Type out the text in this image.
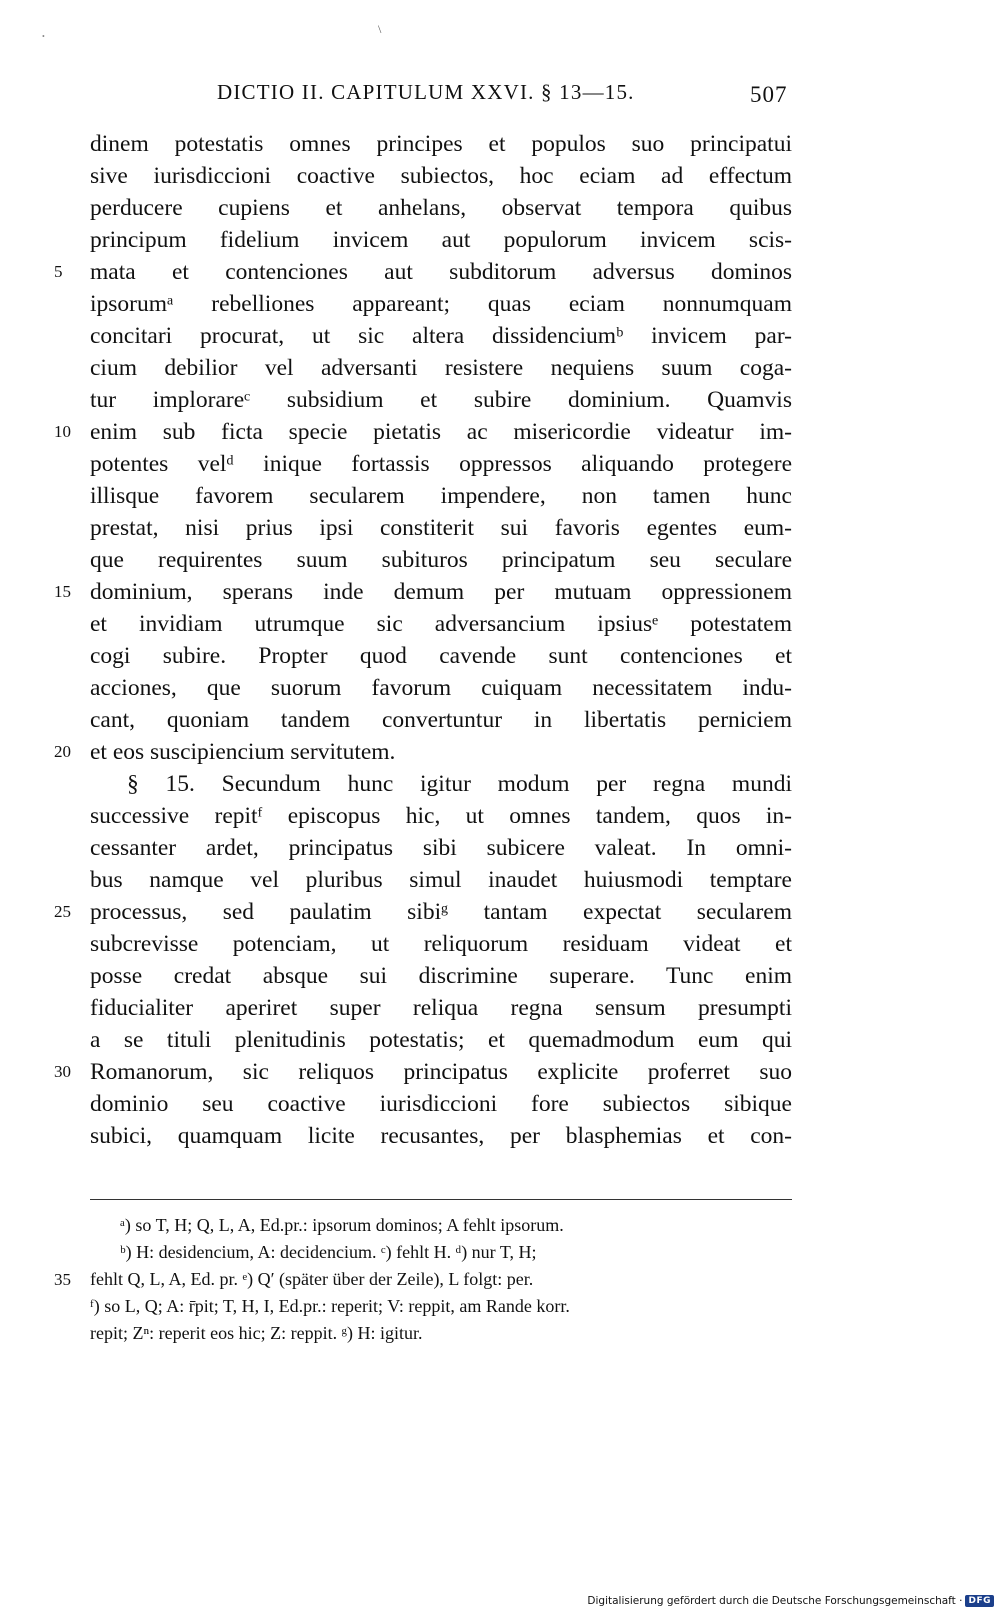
\
•
DICTIO II. CAPITULUM XXVI. § 13—15.	507
dinem potestatis omnes principes et populos suo principatui
sive iurisdiccioni coactive subiectos, hoc eciam ad effectum
perducere cupiens et anhelans, observat tempora quibus
principum fidelium invicem aut populorum invicem scis-
mata et contenciones aut subditorum adversus dominos
ipsorumᵃ rebelliones appareant; quas eciam nonnumquam
concitari procurat, ut sic altera dissidenciumᵇ invicem par-
cium debilior vel adversanti resistere nequiens suum coga-
tur implorareᶜ subsidium et subire dominium. Quamvis
enim sub ficta specie pietatis ac misericordie videatur im-
potentes velᵈ inique fortassis oppressos aliquando protegere
illisque favorem secularem impendere, non tamen hunc
prestat, nisi prius ipsi constiterit sui favoris egentes eum-
que requirentes suum subituros principatum seu seculare
dominium, sperans inde demum per mutuam oppressionem
et invidiam utrumque sic adversancium ipsiusᵉ potestatem
cogi subire. Propter quod cavende sunt contenciones et
acciones, que suorum favorum cuiquam necessitatem indu-
cant, quoniam tandem convertuntur in libertatis perniciem
et eos suscipiencium servitutem.
§ 15. Secundum hunc igitur modum per regna mundi
successive repitᶠ episcopus hic, ut omnes tandem, quos in-
cessanter ardet, principatus sibi subicere valeat. In omni-
bus namque vel pluribus simul inaudet huiusmodi temptare
processus, sed paulatim sibiᵍ tantam expectat secularem
subcrevisse potenciam, ut reliquorum residuam videat et
posse credat absque sui discrimine superare. Tunc enim
fiducialiter aperiret super reliqua regna sensum presumpti
a se tituli plenitudinis potestatis; et quemadmodum eum qui
Romanorum, sic reliquos principatus explicite proferret suo
dominio seu coactive iurisdiccioni fore subiectos sibique
subici, quamquam licite recusantes, per blasphemias et con-
5
10
15
20
25
30
ᵃ) so T, H; Q, L, A, Ed.pr.: ipsorum dominos; A fehlt ipsorum.
ᵇ) H: desidencium, A: decidencium. ᶜ) fehlt H. ᵈ) nur T, H;
fehlt Q, L, A, Ed. pr. ᵉ) Q′ (später über der Zeile), L folgt: per.
ᶠ) so L, Q; A: r̄pit; T, H, I, Ed.pr.: reperit; V: reppit, am Rande korr.
repit; Zⁿ: reperit eos hic; Z: reppit. ᵍ) H: igitur.
35
Digitalisierung gefördert durch die Deutsche Forschungsgemeinschaft · DFG
